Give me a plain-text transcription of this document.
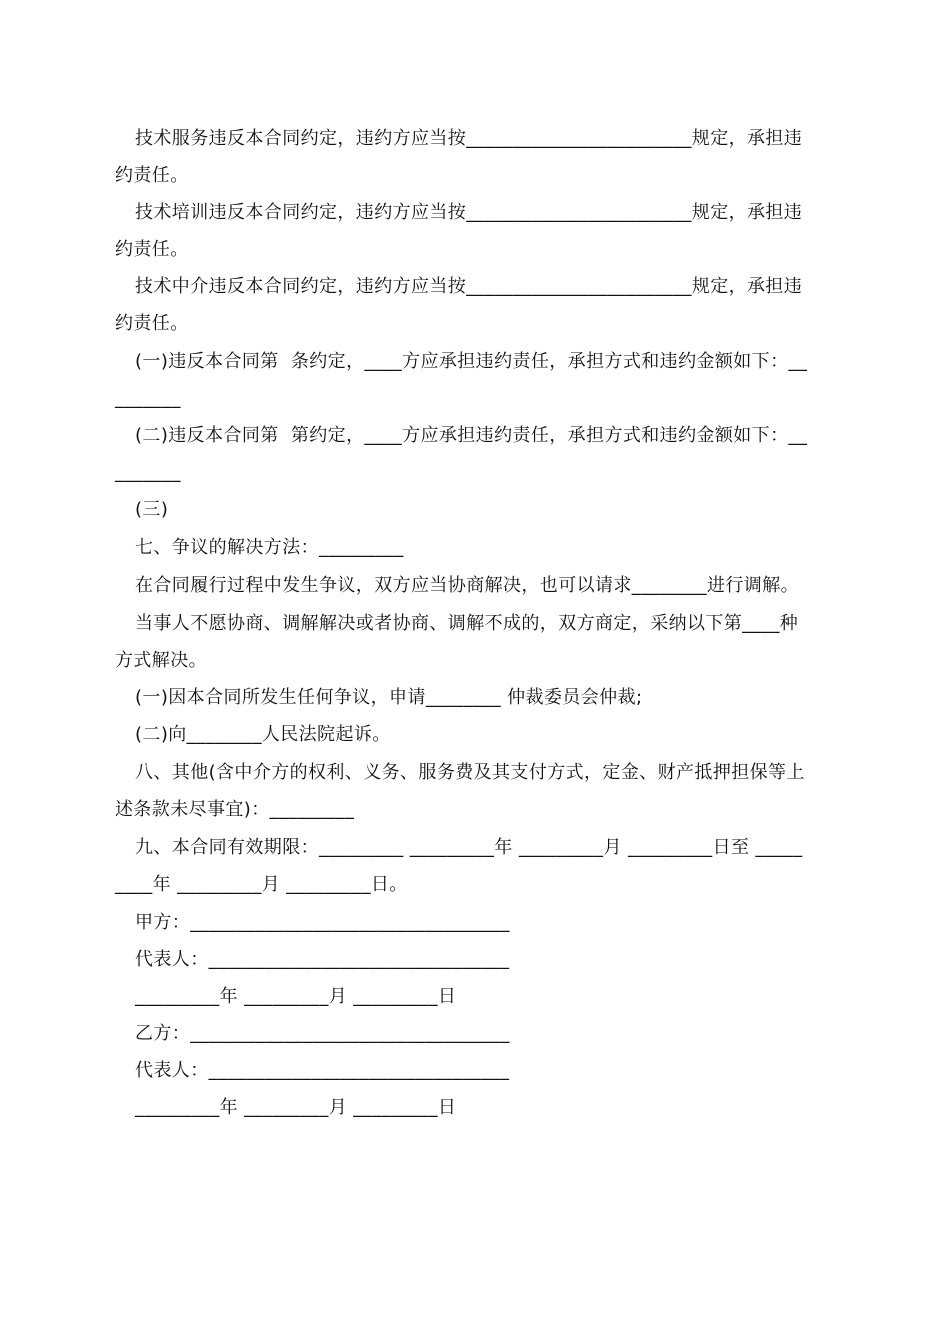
技术服务违反本合同约定，违约方应当按________________________规定，承担违
约责任。
技术培训违反本合同约定，违约方应当按________________________规定，承担违
约责任。
技术中介违反本合同约定，违约方应当按________________________规定，承担违
约责任。
(一)违反本合同第  条约定，____方应承担违约责任，承担方式和违约金额如下：__
_______
(二)违反本合同第  第约定，____方应承担违约责任，承担方式和违约金额如下：__
_______
(三)
七、争议的解决方法：_________
在合同履行过程中发生争议，双方应当协商解决，也可以请求________进行调解。
当事人不愿协商、调解解决或者协商、调解不成的，双方商定，采纳以下第____种
方式解决。
(一)因本合同所发生任何争议，申请________ 仲裁委员会仲裁;
(二)向________人民法院起诉。
八、其他(含中介方的权利、义务、服务费及其支付方式，定金、财产抵押担保等上
述条款未尽事宜)：_________
九、本合同有效期限：_________ _________年 _________月 _________日至 _____
____年 _________月 _________日。
甲方：__________________________________
代表人：________________________________
_________年 _________月 _________日
乙方：__________________________________
代表人：________________________________
_________年 _________月 _________日
